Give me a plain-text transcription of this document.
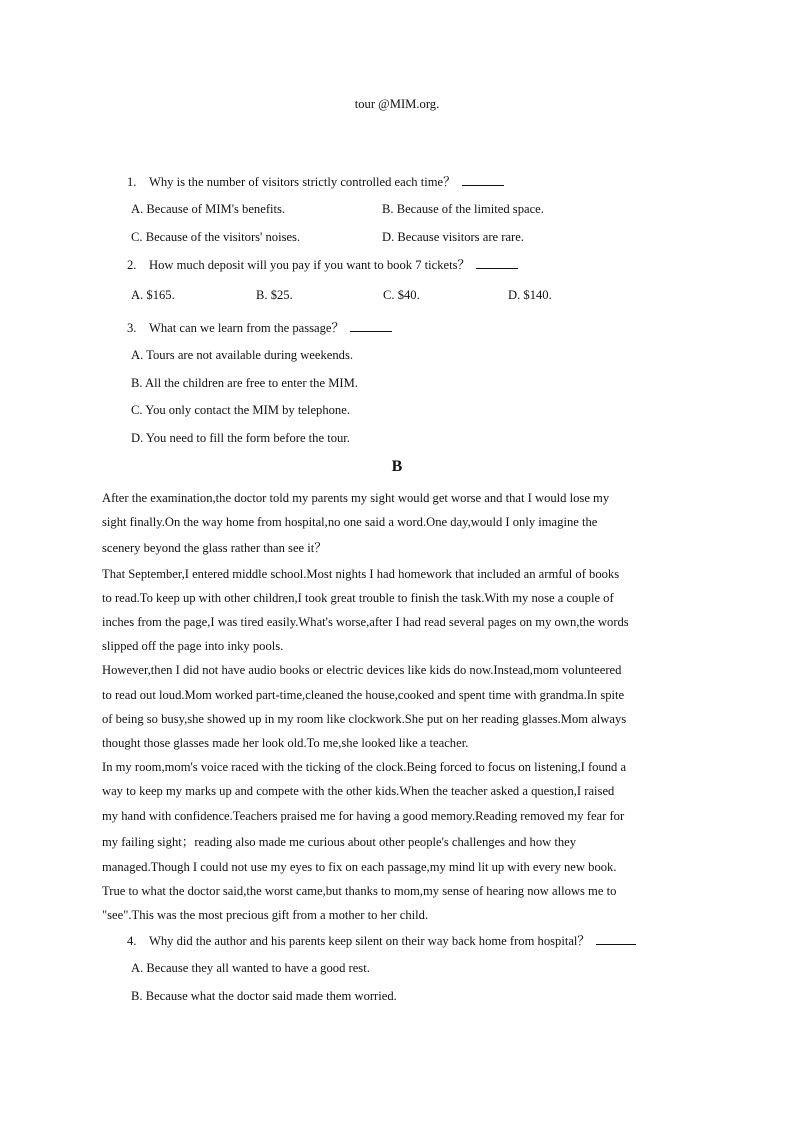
tour @MIM.org.
1. Why is the number of visitors strictly controlled each time？
A. Because of MIM's benefits.	B. Because of the limited space.
C. Because of the visitors' noises.	D. Because visitors are rare.
2. How much deposit will you pay if you want to book 7 tickets？
A. $165.	B. $25.	C. $40.	D. $140.
3. What can we learn from the passage？
A. Tours are not available during weekends.
B. All the children are free to enter the MIM.
C. You only contact the MIM by telephone.
D. You need to fill the form before the tour.
B
After the examination,the doctor told my parents my sight would get worse and that I would lose my
sight finally.On the way home from hospital,no one said a word.One day,would I only imagine the
scenery beyond the glass rather than see it？
That September,I entered middle school.Most nights I had homework that included an armful of books
to read.To keep up with other children,I took great trouble to finish the task.With my nose a couple of
inches from the page,I was tired easily.What's worse,after I had read several pages on my own,the words
slipped off the page into inky pools.
However,then I did not have audio books or electric devices like kids do now.Instead,mom volunteered
to read out loud.Mom worked part-time,cleaned the house,cooked and spent time with grandma.In spite
of being so busy,she showed up in my room like clockwork.She put on her reading glasses.Mom always
thought those glasses made her look old.To me,she looked like a teacher.
In my room,mom's voice raced with the ticking of the clock.Being forced to focus on listening,I found a
way to keep my marks up and compete with the other kids.When the teacher asked a question,I raised
my hand with confidence.Teachers praised me for having a good memory.Reading removed my fear for
my failing sight；reading also made me curious about other people's challenges and how they
managed.Though I could not use my eyes to fix on each passage,my mind lit up with every new book.
True to what the doctor said,the worst came,but thanks to mom,my sense of hearing now allows me to
"see".This was the most precious gift from a mother to her child.
4. Why did the author and his parents keep silent on their way back home from hospital？
A. Because they all wanted to have a good rest.
B. Because what the doctor said made them worried.
